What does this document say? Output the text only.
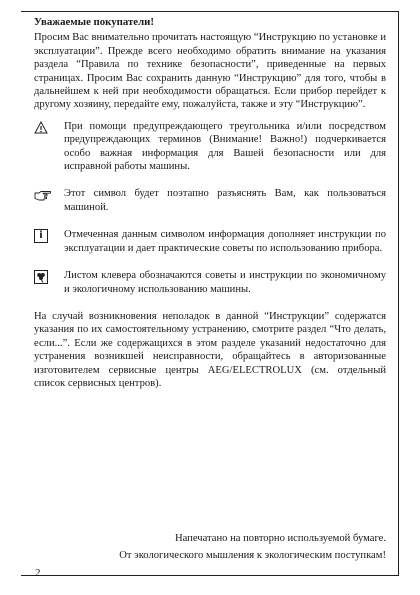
Уважаемые покупатели!

Просим Вас внимательно прочитать настоящую “Инструкцию по установке и эксплуатации”. Прежде всего необходимо обратить внимание на указания раздела “Правила по технике безопасности”, приведенные на первых страницах. Просим Вас сохранить данную “Инструкцию” для того, чтобы в дальнейшем к ней при необходимости обращаться. Если прибор перейдет к другому хозяину, передайте ему, пожалуйста, также и эту “Инструкцию”.

При помощи предупреждающего треугольника и/или посредством предупреждающих терминов (Внимание! Важно!) подчеркивается особо важная информация для Вашей безопасности или для исправной работы машины.

Этот символ будет поэтапно разъяснять Вам, как пользоваться машиной.

i	Отмеченная данным символом информация дополняет инструкции по эксплуатации и дает практические советы по использованию прибора.

Листом клевера обозначаются советы и инструкции по экономичному и экологичному использованию машины.

На случай возникновения неполадок в данной “Инструкции” содержатся указания по их самостоятельному устранению, смотрите раздел “Что делать, если...”. Если же содержащихся в этом разделе указаний недостаточно для устранения возникшей неисправности, обращайтесь в авторизованные изготовителем сервисные центры AEG/ELECTROLUX (см. отдельный список сервисных центров).

Напечатано на повторно используемой бумаге.
От экологического мышления к экологическим поступкам!
2
